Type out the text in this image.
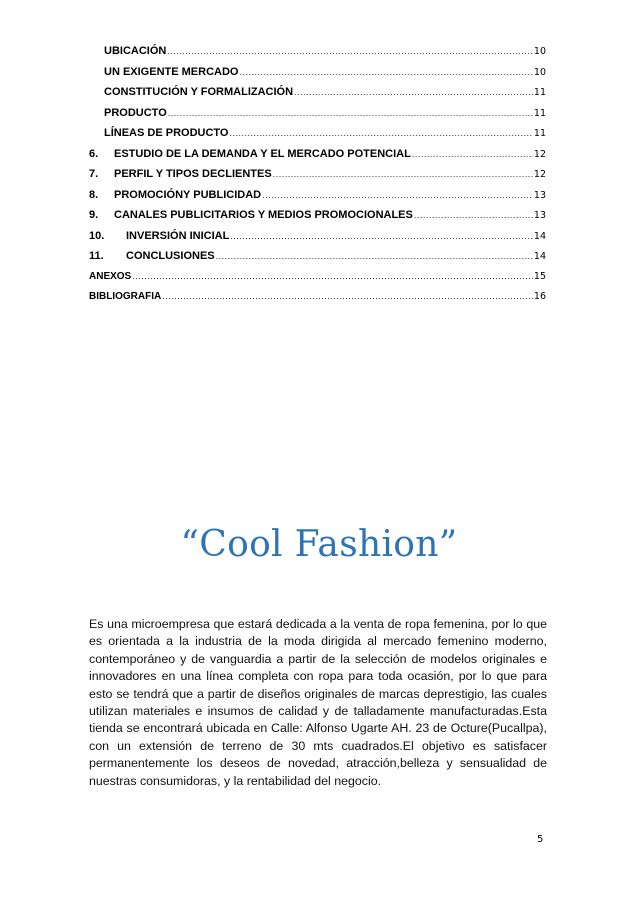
UBICACIÓN .....	10
UN EXIGENTE MERCADO .....	10
CONSTITUCIÓN Y FORMALIZACIÓN .....	11
PRODUCTO .....	11
LÍNEAS DE PRODUCTO .....	11
6.	ESTUDIO DE LA DEMANDA Y EL MERCADO POTENCIAL .....	12
7.	PERFIL Y TIPOS DECLIENTES .....	12
8.	PROMOCIÓNY PUBLICIDAD .....	13
9.	CANALES PUBLICITARIOS Y MEDIOS PROMOCIONALES .....	13
10.	INVERSIÓN INICIAL .....	14
11.	CONCLUSIONES .....	14
ANEXOS .....	15
BIBLIOGRAFIA .....	16
“Cool Fashion”
Es una microempresa que estará dedicada a la venta de ropa femenina, por lo que es orientada a la industria de la moda dirigida al mercado femenino moderno, contemporáneo y de vanguardia a partir de la selección de modelos originales e innovadores en una línea completa con ropa para toda ocasión, por lo que para esto se tendrá que a partir de diseños originales de marcas deprestigio, las cuales utilizan materiales e insumos de calidad y de talladamente manufacturadas.Esta tienda se encontrará ubicada en Calle: Alfonso Ugarte AH. 23 de Octure(Pucallpa), con un extensión de terreno de 30 mts cuadrados.El objetivo es satisfacer permanentemente los deseos de novedad, atracción,belleza y sensualidad de nuestras consumidoras, y la rentabilidad del negocio.
5
